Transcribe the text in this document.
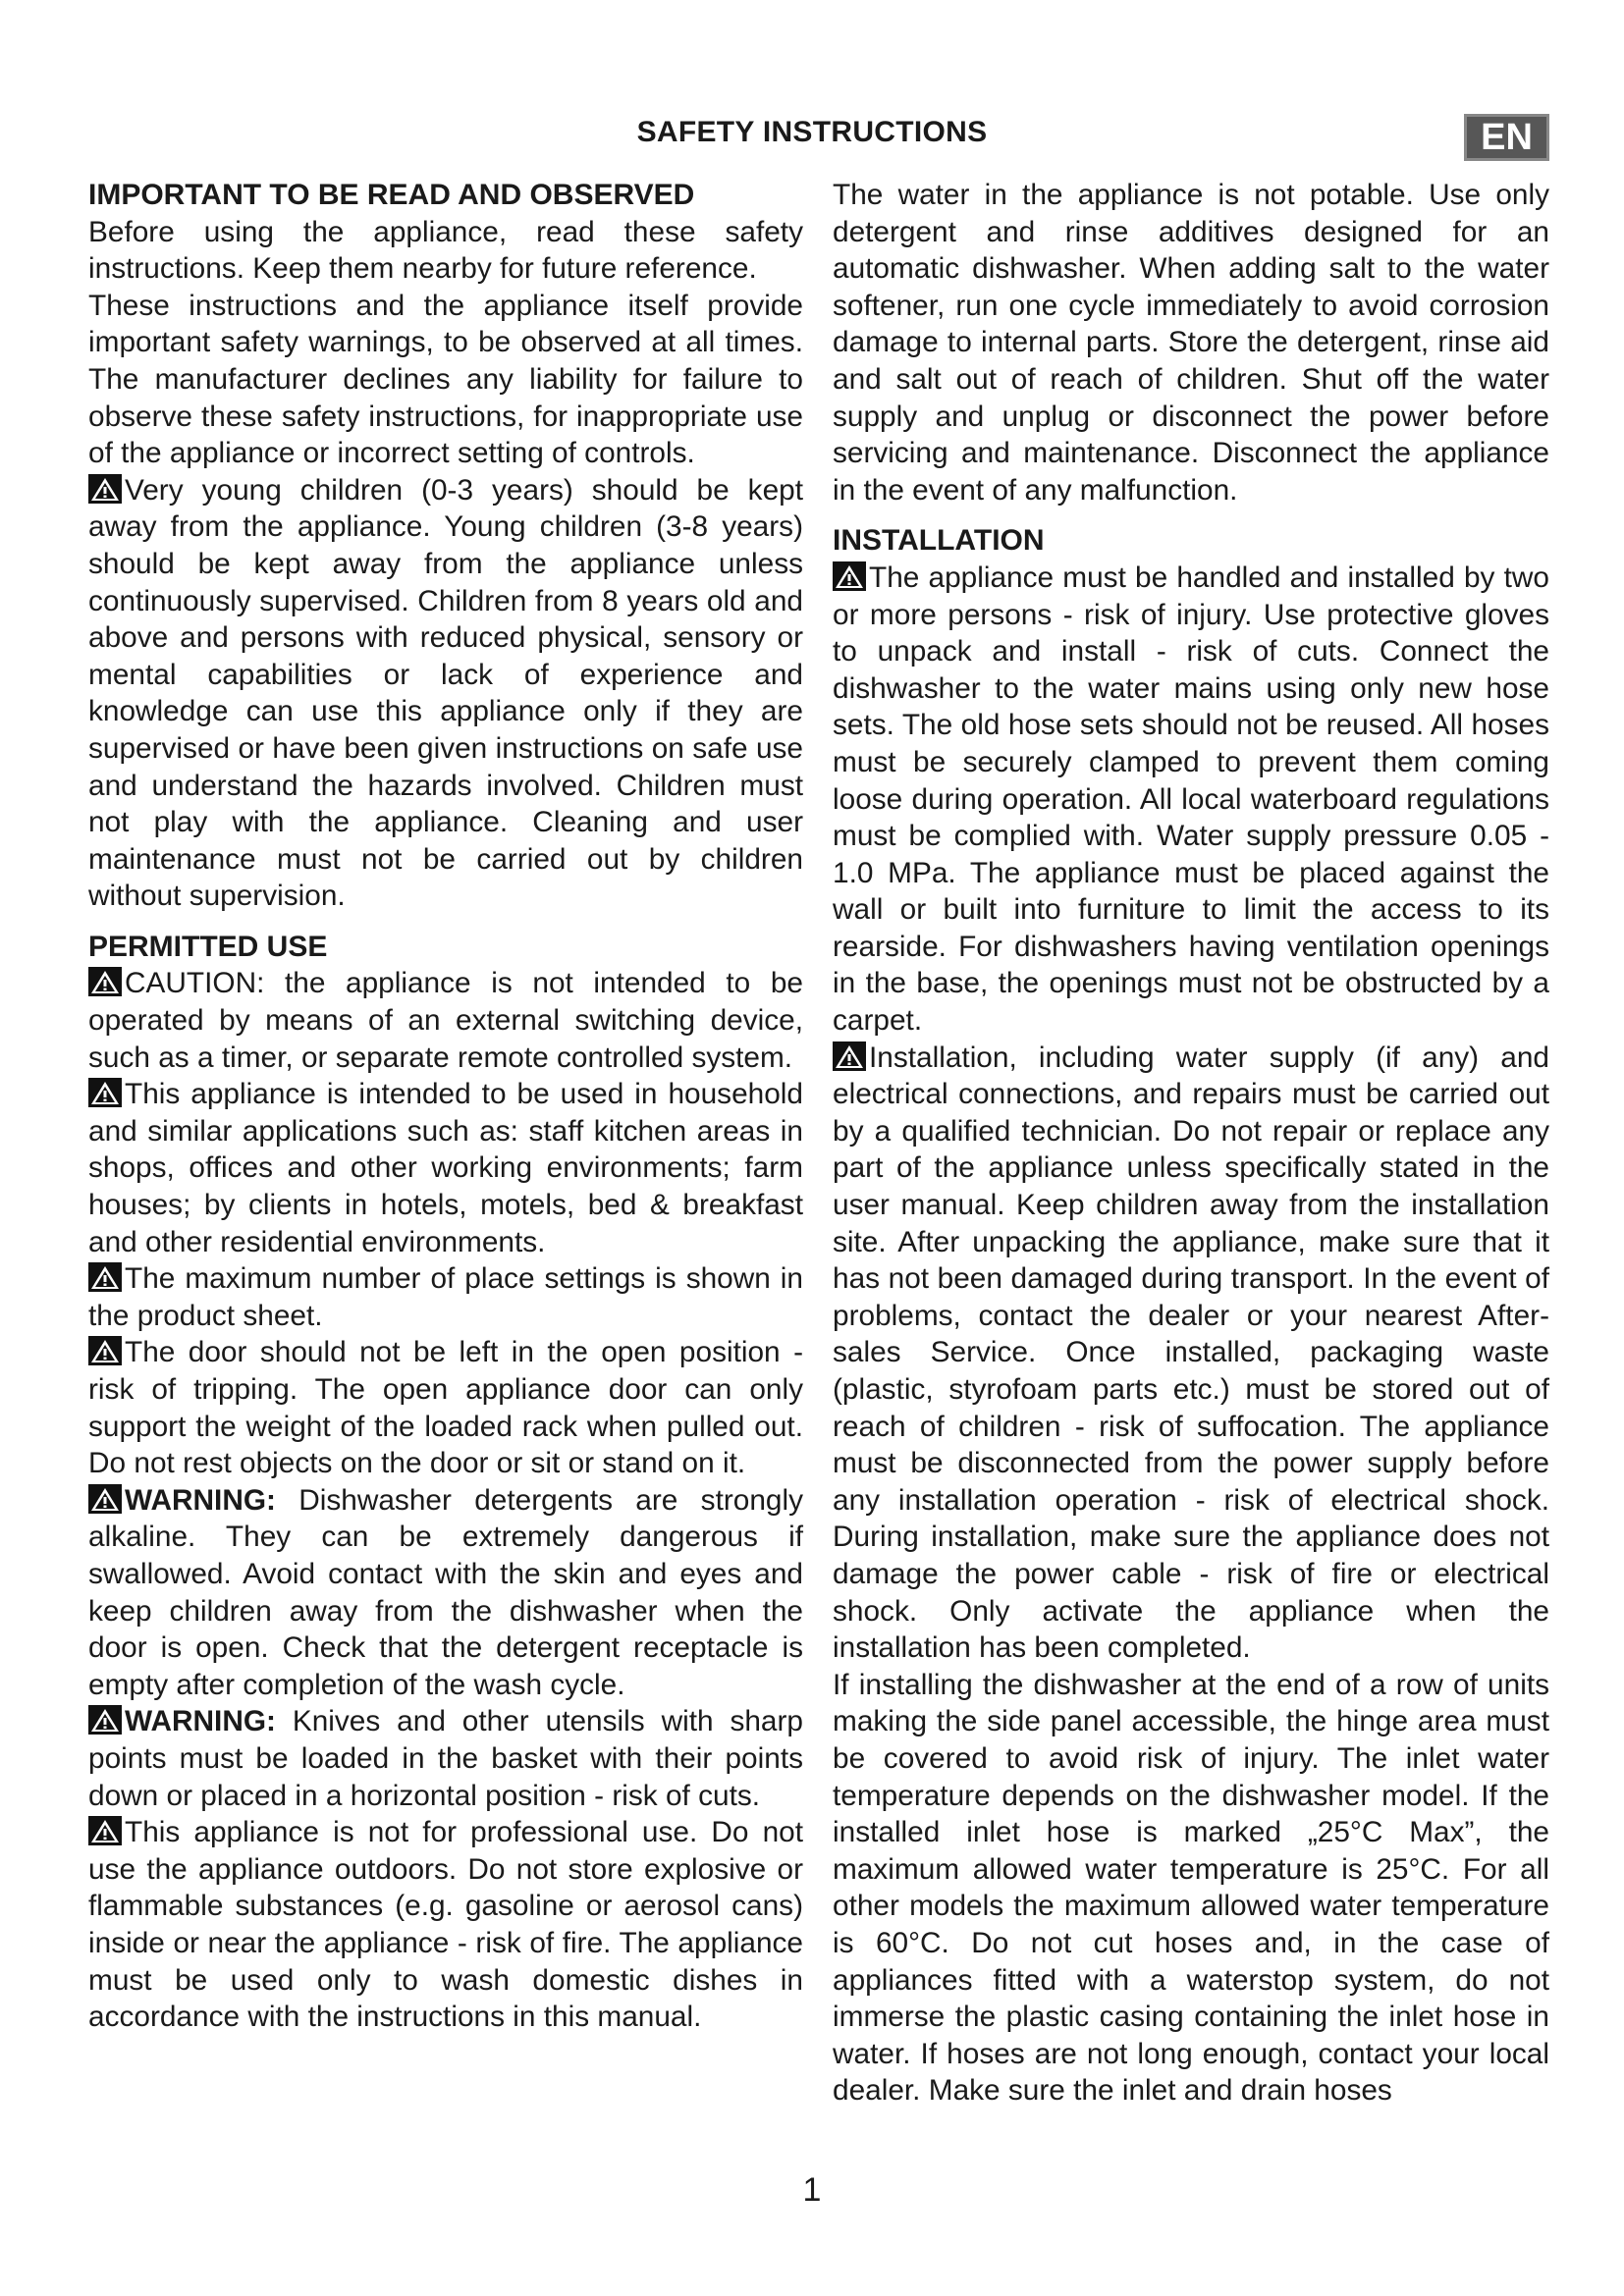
SAFETY INSTRUCTIONS	EN
IMPORTANT TO BE READ AND OBSERVED

Before using the appliance, read these safety instructions. Keep them nearby for future reference.

These instructions and the appliance itself provide important safety warnings, to be observed at all times. The manufacturer declines any liability for failure to observe these safety instructions, for inappropriate use of the appliance or incorrect setting of controls.

Very young children (0-3 years) should be kept away from the appliance. Young children (3-8 years) should be kept away from the appliance unless continuously supervised. Children from 8 years old and above and persons with reduced physical, sensory or mental capabilities or lack of experience and knowledge can use this appliance only if they are supervised or have been given instructions on safe use and understand the hazards involved. Children must not play with the appliance. Cleaning and user maintenance must not be carried out by children without supervision.

PERMITTED USE

CAUTION: the appliance is not intended to be operated by means of an external switching device, such as a timer, or separate remote controlled system.

This appliance is intended to be used in household and similar applications such as: staff kitchen areas in shops, offices and other working environments; farm houses; by clients in hotels, motels, bed & breakfast and other residential environments.

The maximum number of place settings is shown in the product sheet.

The door should not be left in the open position - risk of tripping. The open appliance door can only support the weight of the loaded rack when pulled out. Do not rest objects on the door or sit or stand on it.

WARNING: Dishwasher detergents are strongly alkaline. They can be extremely dangerous if swallowed. Avoid contact with the skin and eyes and keep children away from the dishwasher when the door is open. Check that the detergent receptacle is empty after completion of the wash cycle.

WARNING: Knives and other utensils with sharp points must be loaded in the basket with their points down or placed in a horizontal position - risk of cuts.

This appliance is not for professional use. Do not use the appliance outdoors. Do not store explosive or flammable substances (e.g. gasoline or aerosol cans) inside or near the appliance - risk of fire. The appliance must be used only to wash domestic dishes in accordance with the instructions in this manual.

The water in the appliance is not potable. Use only detergent and rinse additives designed for an automatic dishwasher. When adding salt to the water softener, run one cycle immediately to avoid corrosion damage to internal parts. Store the detergent, rinse aid and salt out of reach of children. Shut off the water supply and unplug or disconnect the power before servicing and maintenance. Disconnect the appliance in the event of any malfunction.

INSTALLATION

The appliance must be handled and installed by two or more persons - risk of injury. Use protective gloves to unpack and install - risk of cuts. Connect the dishwasher to the water mains using only new hose sets. The old hose sets should not be reused. All hoses must be securely clamped to prevent them coming loose during operation. All local waterboard regulations must be complied with. Water supply pressure 0.05 - 1.0 MPa. The appliance must be placed against the wall or built into furniture to limit the access to its rearside. For dishwashers having ventilation openings in the base, the openings must not be obstructed by a carpet.

Installation, including water supply (if any) and electrical connections, and repairs must be carried out by a qualified technician. Do not repair or replace any part of the appliance unless specifically stated in the user manual. Keep children away from the installation site. After unpacking the appliance, make sure that it has not been damaged during transport. In the event of problems, contact the dealer or your nearest After-sales Service. Once installed, packaging waste (plastic, styrofoam parts etc.) must be stored out of reach of children - risk of suffocation. The appliance must be disconnected from the power supply before any installation operation - risk of electrical shock. During installation, make sure the appliance does not damage the power cable - risk of fire or electrical shock. Only activate the appliance when the installation has been completed.

If installing the dishwasher at the end of a row of units making the side panel accessible, the hinge area must be covered to avoid risk of injury. The inlet water temperature depends on the dishwasher model. If the installed inlet hose is marked „25°C Max”, the maximum allowed water temperature is 25°C. For all other models the maximum allowed water temperature is 60°C. Do not cut hoses and, in the case of appliances fitted with a waterstop system, do not immerse the plastic casing containing the inlet hose in water. If hoses are not long enough, contact your local dealer. Make sure the inlet and drain hoses

1
